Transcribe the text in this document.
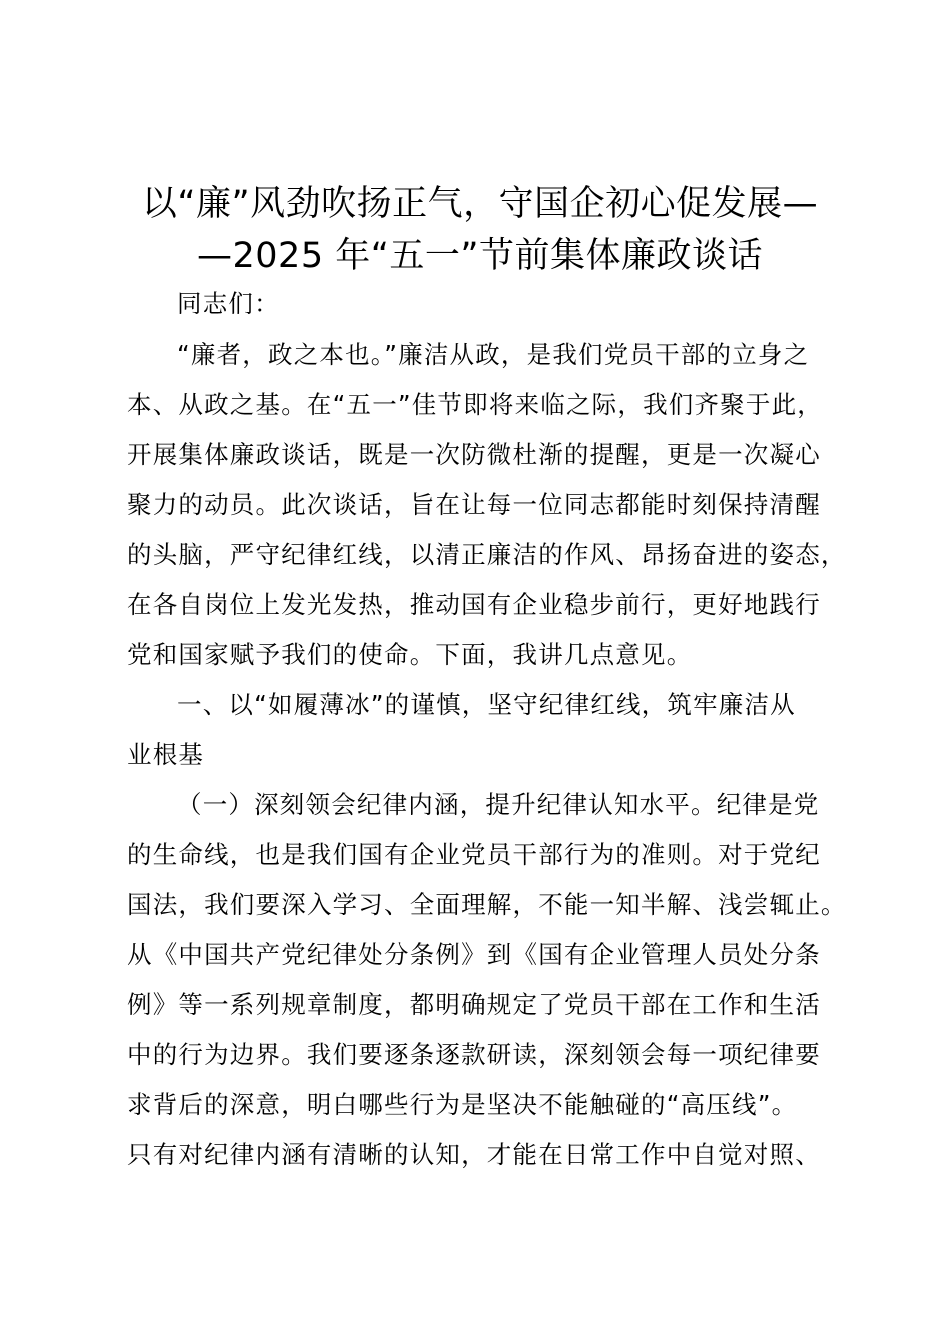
以“廉”风劲吹扬正气，守国企初心促发展—
—2025 年“五一”节前集体廉政谈话
同志们：
“廉者，政之本也。”廉洁从政，是我们党员干部的立身之
本、从政之基。在“五一”佳节即将来临之际，我们齐聚于此，
开展集体廉政谈话，既是一次防微杜渐的提醒，更是一次凝心
聚力的动员。此次谈话，旨在让每一位同志都能时刻保持清醒
的头脑，严守纪律红线，以清正廉洁的作风、昂扬奋进的姿态，
在各自岗位上发光发热，推动国有企业稳步前行，更好地践行
党和国家赋予我们的使命。下面，我讲几点意见。
一、以“如履薄冰”的谨慎，坚守纪律红线，筑牢廉洁从
业根基
（一）深刻领会纪律内涵，提升纪律认知水平。纪律是党
的生命线，也是我们国有企业党员干部行为的准则。对于党纪
国法，我们要深入学习、全面理解，不能一知半解、浅尝辄止。
从《中国共产党纪律处分条例》到《国有企业管理人员处分条
例》等一系列规章制度，都明确规定了党员干部在工作和生活
中的行为边界。我们要逐条逐款研读，深刻领会每一项纪律要
求背后的深意，明白哪些行为是坚决不能触碰的“高压线”。
只有对纪律内涵有清晰的认知，才能在日常工作中自觉对照、
